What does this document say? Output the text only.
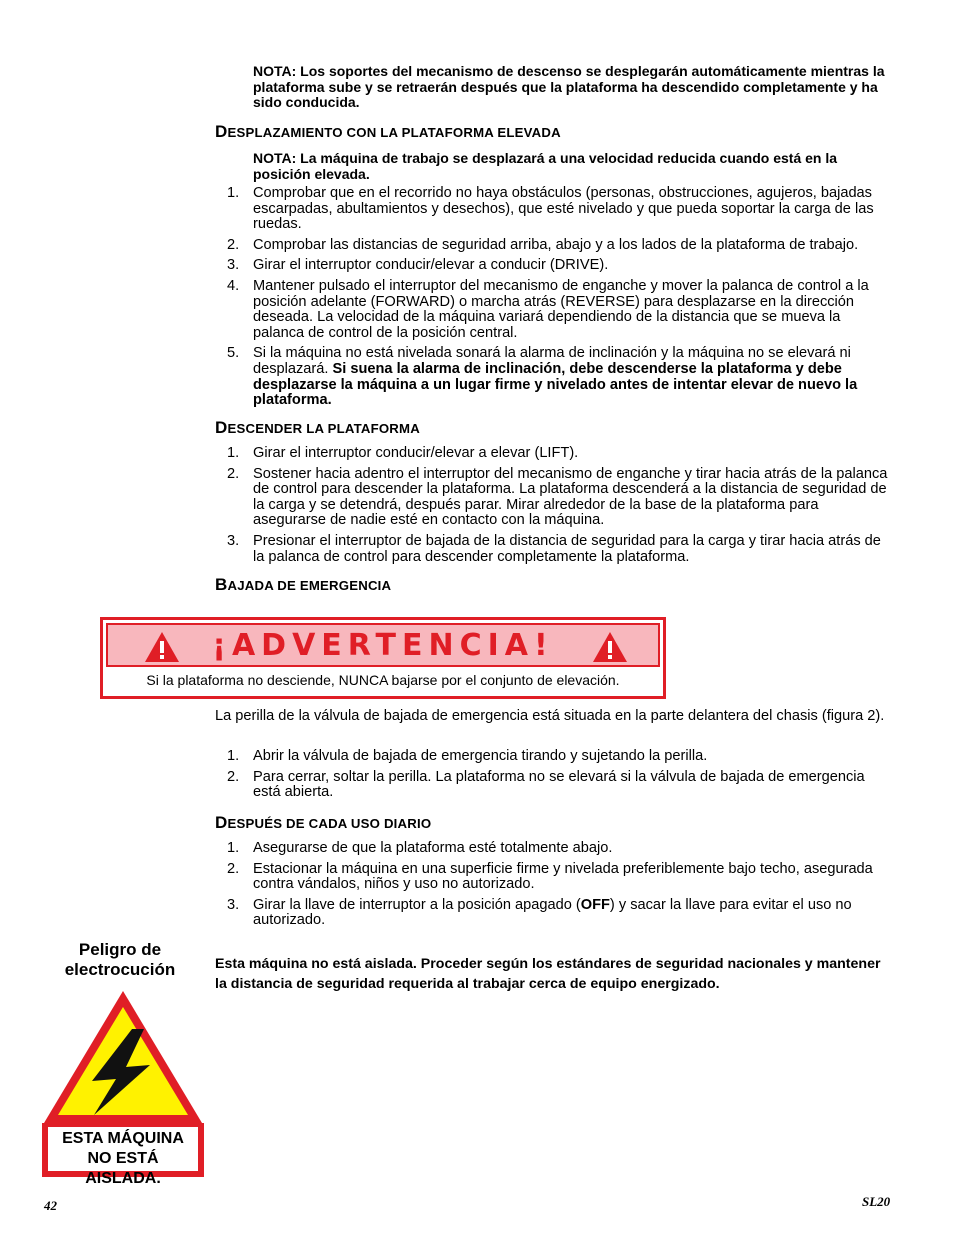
NOTA: Los soportes del mecanismo de descenso se desplegarán automáticamente mientras la plataforma sube y se retraerán después que la plataforma ha descendido completamente y ha sido conducida.
DESPLAZAMIENTO CON LA PLATAFORMA ELEVADA
NOTA: La máquina de trabajo se desplazará a una velocidad reducida cuando está en la posición elevada.
1. Comprobar que en el recorrido no haya obstáculos (personas, obstrucciones, agujeros, bajadas escarpadas, abultamientos y desechos), que esté nivelado y que pueda soportar la carga de las ruedas.
2. Comprobar las distancias de seguridad arriba, abajo y a los lados de la plataforma de trabajo.
3. Girar el interruptor conducir/elevar a conducir (DRIVE).
4. Mantener pulsado el interruptor del mecanismo de enganche y mover la palanca de control a la posición adelante (FORWARD) o marcha atrás (REVERSE) para desplazarse en la dirección deseada. La velocidad de la máquina variará dependiendo de la distancia que se mueva la palanca de control de la posición central.
5. Si la máquina no está nivelada sonará la alarma de inclinación y la máquina no se elevará ni desplazará. Si suena la alarma de inclinación, debe descenderse la plataforma y debe desplazarse la máquina a un lugar firme y nivelado antes de intentar elevar de nuevo la plataforma.
DESCENDER LA PLATAFORMA
1. Girar el interruptor conducir/elevar a elevar (LIFT).
2. Sostener hacia adentro el interruptor del mecanismo de enganche y tirar hacia atrás de la palanca de control para descender la plataforma. La plataforma descenderá a la distancia de seguridad de la carga y se detendrá, después parar. Mirar alrededor de la base de la plataforma para asegurarse de nadie esté en contacto con la máquina.
3. Presionar el interruptor de bajada de la distancia de seguridad para la carga y tirar hacia atrás de la palanca de control para descender completamente la plataforma.
BAJADA DE EMERGENCIA
¡ADVERTENCIA!
Si la plataforma no desciende, NUNCA bajarse por el conjunto de elevación.
La perilla de la válvula de bajada de emergencia está situada en la parte delantera del chasis (figura 2).
1. Abrir la válvula de bajada de emergencia tirando y sujetando la perilla.
2. Para cerrar, soltar la perilla. La plataforma no se elevará si la válvula de bajada de emergencia está abierta.
DESPUÉS DE CADA USO DIARIO
1. Asegurarse de que la plataforma esté totalmente abajo.
2. Estacionar la máquina en una superficie firme y nivelada preferiblemente bajo techo, asegurada contra vándalos, niños y uso no autorizado.
3. Girar la llave de interruptor a la posición apagado (OFF) y sacar la llave para evitar el uso no autorizado.
Peligro de electrocución	Esta máquina no está aislada. Proceder según los estándares de seguridad nacionales y mantener la distancia de seguridad requerida al trabajar cerca de equipo energizado.
ESTA MÁQUINA NO ESTÁ AISLADA.
42	SL20
